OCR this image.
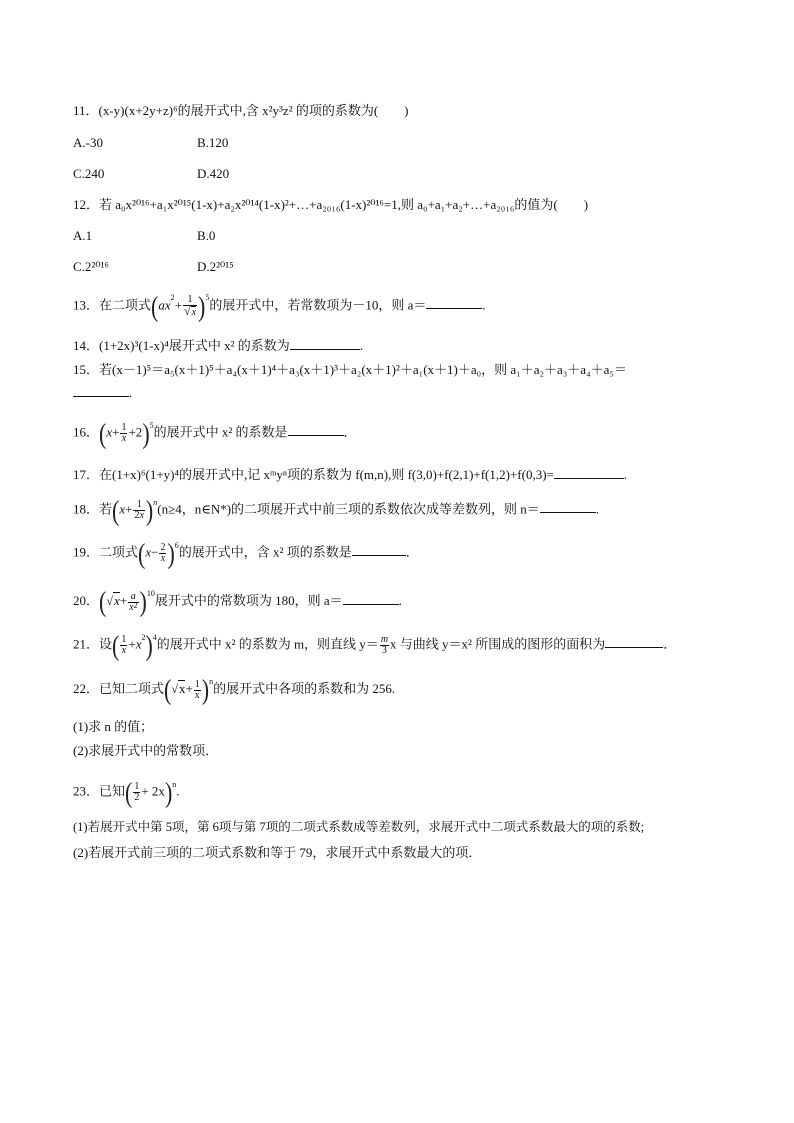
11．(x-y)(x+2y+z)⁶的展开式中,含 x²y³z² 的项的系数为(　　)
A.-30	B.120
C.240	D.420
12．若 a₀x²⁰¹⁶+a₁x²⁰¹⁵(1-x)+a₂x²⁰¹⁴(1-x)²+…+a₂₀₁₆(1-x)²⁰¹⁶=1,则 a₀+a₁+a₂+…+a₂₀₁₆的值为(　　)
A.1	B.0
C.2²⁰¹⁶	D.2²⁰¹⁵
13．在二项式$(ax^2+ \frac{1}{√x} )^5$的展开式中，若常数项为－10，则 a＝	.
14．(1+2x)³(1-x)⁴展开式中 x² 的系数为	.
15．若(x－1)⁵＝a₅(x＋1)⁵＋a₄(x＋1)⁴＋a₃(x＋1)³＋a₂(x＋1)²＋a₁(x＋1)＋a₀，则 a₁＋a₂＋a₃＋a₄＋a₅＝
.
16．$(x+ \frac{1}{x} +2)^5$的展开式中 x² 的系数是	．
17．在(1+x)⁶(1+y)⁴的展开式中,记 xᵐyⁿ项的系数为 f(m,n),则 f(3,0)+f(2,1)+f(1,2)+f(0,3)=	.
18．若$(x+ \frac{1}{2x} )^n(n\ge 4$，n∈N*)的二项展开式中前三项的系数依次成等差数列，则 n＝	.
19．二项式$(x- \frac{2}{x} )^6$的展开式中，含 x² 项的系数是	．
20．$(√x+ \frac{a}{x^2} )^{10}$展开式中的常数项为 180，则 a＝	.
21．设( $\frac{1}{x} +x^2)^4$的展开式中 x² 的系数为 m，则直线 $y= \frac{m}{3}$ x 与曲线 y＝x² 所围成的图形的面积为	．
22．已知二项式$(√x+ \frac{1}{x} )^n$的展开式中各项的系数和为 256.
(1)求 n 的值；
(2)求展开式中的常数项．
23．已知( $\frac{1}{2} + 2x)^n$.
(1)若展开式中第 5项，第 6项与第 7项的二项式系数成等差数列，求展开式中二项式系数最大的项的系数;
(2)若展开式前三项的二项式系数和等于 79，求展开式中系数最大的项．
